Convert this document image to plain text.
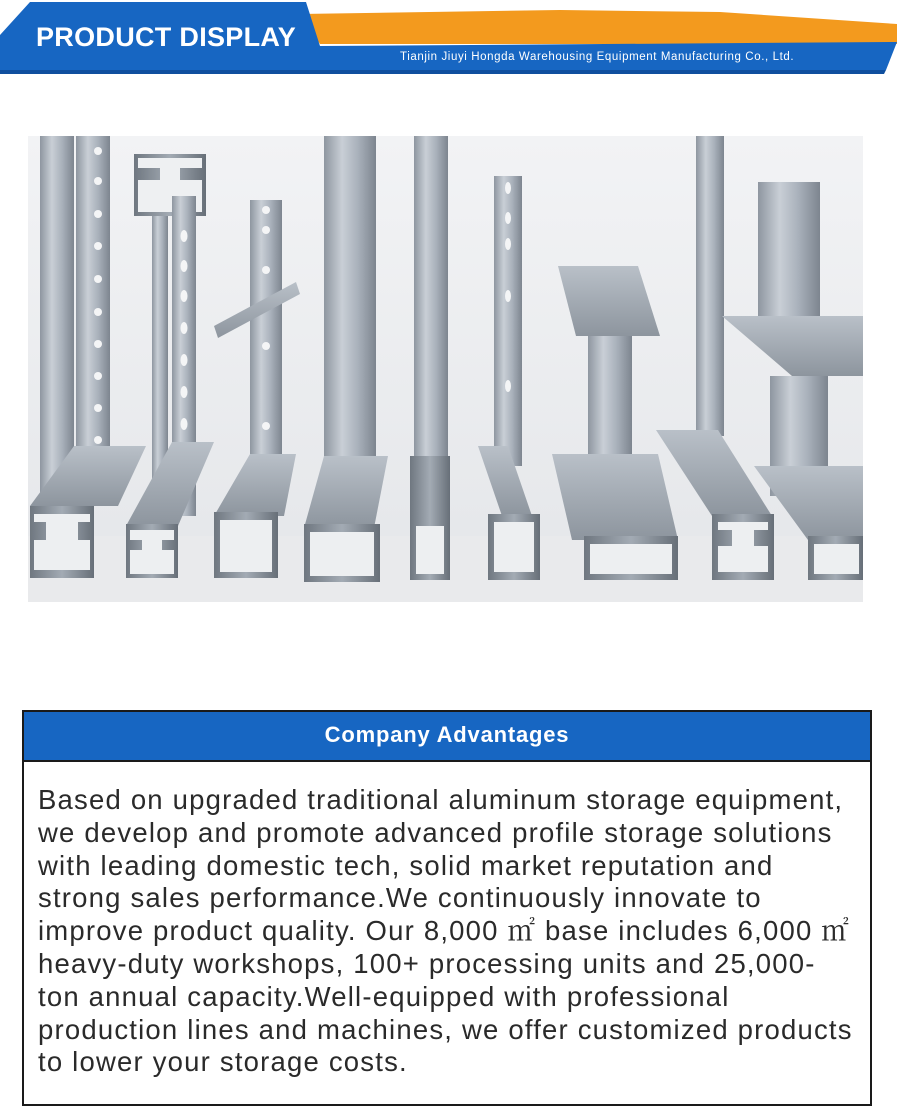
PRODUCT DISPLAY
Tianjin Jiuyi Hongda Warehousing Equipment Manufacturing Co., Ltd.
Company Advantages
Based on upgraded traditional aluminum storage equipment, we develop and promote advanced profile storage solutions with leading domestic tech, solid market reputation and strong sales performance.We continuously innovate to improve product quality. Our 8,000 ㎡ base includes 6,000 ㎡ heavy-duty workshops, 100+ processing units and 25,000-ton annual capacity.Well-equipped with professional production lines and machines, we offer customized products to lower your storage costs.
